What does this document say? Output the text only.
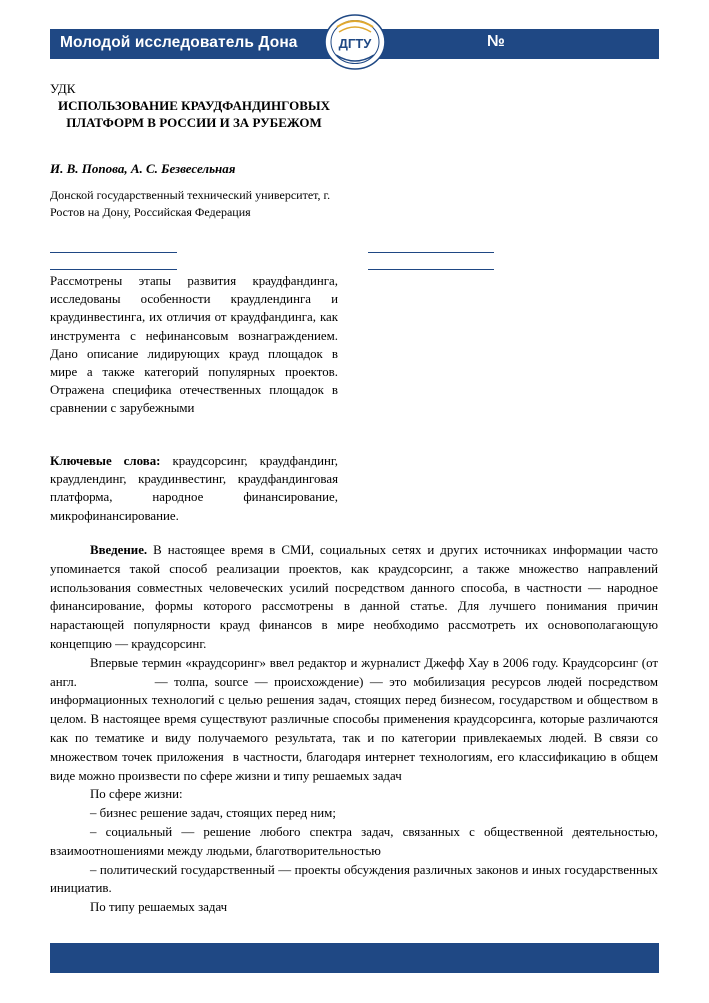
Молодой исследователь Дона	№
ДГТУ
УДК
ИСПОЛЬЗОВАНИЕ КРАУДФАНДИНГОВЫХ ПЛАТФОРМ В РОССИИ И ЗА РУБЕЖОМ
И. В. Попова, А. С. Безвесельная
Донской государственный технический университет, г. Ростов на Дону, Российская Федерация
Рассмотрены этапы развития краудфандинга, исследованы особенности краудлендинга и краудинвестинга, их отличия от краудфандинга, как инструмента с нефинансовым вознаграждением. Дано описание лидирующих крауд площадок в мире а также категорий популярных проектов. Отражена специфика отечественных площадок в сравнении с зарубежными
Ключевые слова: краудсорсинг, краудфандинг, краудлендинг, краудинвестинг, краудфандинговая платформа, народное финансирование, микрофинансирование.

Введение. В настоящее время в СМИ, социальных сетях и других источниках информации часто упоминается такой способ реализации проектов, как краудсорсинг, а также множество направлений использования совместных человеческих усилий посредством данного способа, в частности — народное финансирование, формы которого рассмотрены в данной статье. Для лучшего понимания причин нарастающей популярности крауд финансов в мире необходимо рассмотреть их основополагающую концепцию — краудсорсинг.

Впервые термин «краудсоринг» ввел редактор и журналист Джефф Хау в 2006 году. Краудсорсинг (от англ.            — толпа, source — происхождение) — это мобилизация ресурсов людей посредством информационных технологий с целью решения задач, стоящих перед бизнесом, государством и обществом в целом. В настоящее время существуют различные способы применения краудсорсинга, которые различаются как по тематике и виду получаемого результата, так и по категории привлекаемых людей. В связи со множеством точек приложения  в частности, благодаря интернет технологиям, его классификацию в общем виде можно произвести по сфере жизни и типу решаемых задач

По сфере жизни:

– бизнес решение задач, стоящих перед ним;

– социальный — решение любого спектра задач, связанных с общественной деятельностью, взаимоотношениями между людьми, благотворительностью

– политический государственный — проекты обсуждения различных законов и иных государственных инициатив.

По типу решаемых задач
